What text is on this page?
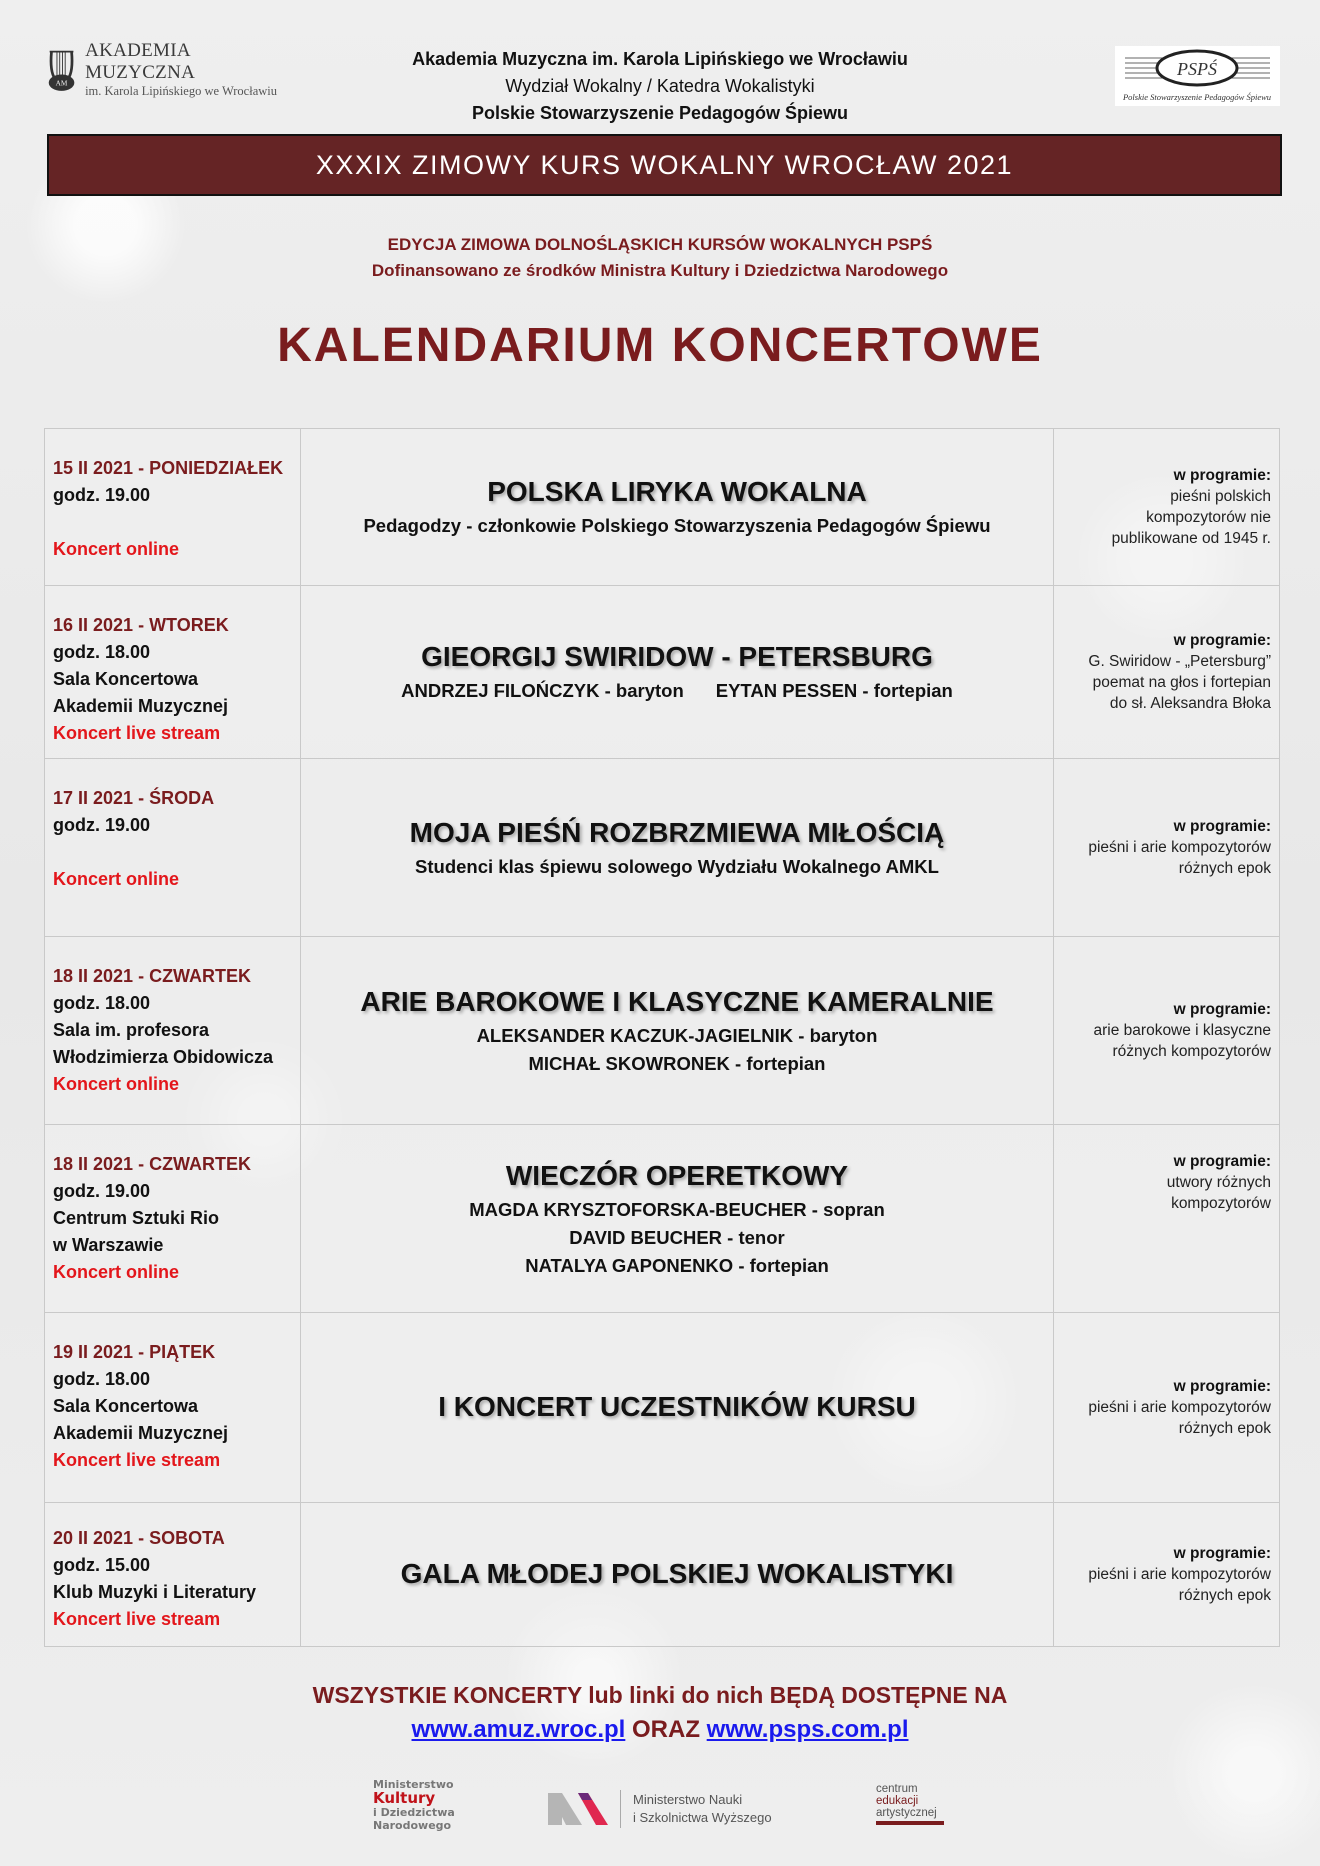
AM
AKADEMIA MUZYCZNA
im. Karola Lipińskiego we Wrocławiu
Akademia Muzyczna im. Karola Lipińskiego we Wrocławiu
Wydział Wokalny / Katedra Wokalistyki
Polskie Stowarzyszenie Pedagogów Śpiewu
PSPŚ
Polskie Stowarzyszenie Pedagogów Śpiewu
XXXIX ZIMOWY KURS WOKALNY WROCŁAW 2021
EDYCJA ZIMOWA DOLNOŚLĄSKICH KURSÓW WOKALNYCH PSPŚ
Dofinansowano ze środków Ministra Kultury i Dziedzictwa Narodowego
KALENDARIUM KONCERTOWE
15 II 2021 - PONIEDZIAŁEK
godz. 19.00
Koncert online

POLSKA LIRYKA WOKALNA
Pedagodzy - członkowie Polskiego Stowarzyszenia Pedagogów Śpiewu

w programie:
pieśni polskich
kompozytorów nie
publikowane od 1945 r.

16 II 2021 - WTOREK
godz. 18.00
Sala Koncertowa
Akademii Muzycznej
Koncert live stream

GIEORGIJ SWIRIDOW - PETERSBURG
ANDRZEJ FILOŃCZYK - baryton EYTAN PESSEN - fortepian

w programie:
G. Swiridow - „Petersburg”
poemat na głos i fortepian
do sł. Aleksandra Błoka

17 II 2021 - ŚRODA
godz. 19.00
Koncert online

MOJA PIEŚŃ ROZBRZMIEWA MIŁOŚCIĄ
Studenci klas śpiewu solowego Wydziału Wokalnego AMKL

w programie:
pieśni i arie kompozytorów
różnych epok

18 II 2021 - CZWARTEK
godz. 18.00
Sala im. profesora
Włodzimierza Obidowicza
Koncert online

ARIE BAROKOWE I KLASYCZNE KAMERALNIE
ALEKSANDER KACZUK-JAGIELNIK - baryton
MICHAŁ SKOWRONEK - fortepian

w programie:
arie barokowe i klasyczne
różnych kompozytorów

18 II 2021 - CZWARTEK
godz. 19.00
Centrum Sztuki Rio
w Warszawie
Koncert online

WIECZÓR OPERETKOWY
MAGDA KRYSZTOFORSKA-BEUCHER - sopran
DAVID BEUCHER - tenor
NATALYA GAPONENKO - fortepian

w programie:
utwory różnych
kompozytorów

19 II 2021 - PIĄTEK
godz. 18.00
Sala Koncertowa
Akademii Muzycznej
Koncert live stream

I KONCERT UCZESTNIKÓW KURSU

w programie:
pieśni i arie kompozytorów
różnych epok

20 II 2021 - SOBOTA
godz. 15.00
Klub Muzyki i Literatury
Koncert live stream

GALA MŁODEJ POLSKIEJ WOKALISTYKI

w programie:
pieśni i arie kompozytorów
różnych epok
WSZYSTKIE KONCERTY lub linki do nich BĘDĄ DOSTĘPNE NA
www.amuz.wroc.pl ORAZ www.psps.com.pl
Ministerstwo
Kultury
i Dziedzictwa
Narodowego
Ministerstwo Nauki
i Szkolnictwa Wyższego
centrum
edukacji
artystycznej
